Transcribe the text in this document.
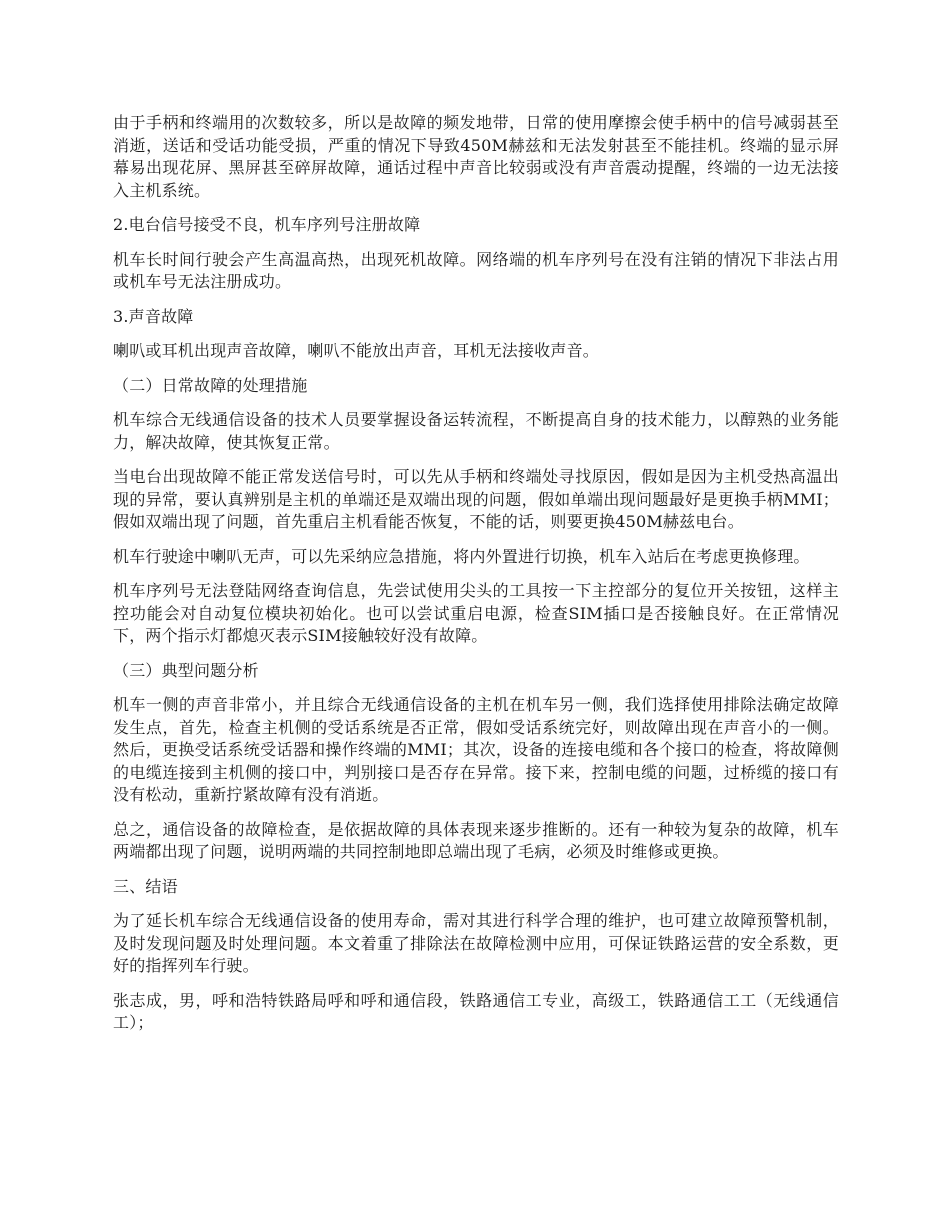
由于手柄和终端用的次数较多，所以是故障的频发地带，日常的使用摩擦会使手柄中的信号减弱甚至消逝，送话和受话功能受损，严重的情况下导致450M赫兹和无法发射甚至不能挂机。终端的显示屏幕易出现花屏、黑屏甚至碎屏故障，通话过程中声音比较弱或没有声音震动提醒，终端的一边无法接入主机系统。

2.电台信号接受不良，机车序列号注册故障

机车长时间行驶会产生高温高热，出现死机故障。网络端的机车序列号在没有注销的情况下非法占用或机车号无法注册成功。

3.声音故障

喇叭或耳机出现声音故障，喇叭不能放出声音，耳机无法接收声音。

（二）日常故障的处理措施

机车综合无线通信设备的技术人员要掌握设备运转流程，不断提高自身的技术能力，以醇熟的业务能力，解决故障，使其恢复正常。

当电台出现故障不能正常发送信号时，可以先从手柄和终端处寻找原因，假如是因为主机受热高温出现的异常，要认真辨别是主机的单端还是双端出现的问题，假如单端出现问题最好是更换手柄MMI；假如双端出现了问题，首先重启主机看能否恢复，不能的话，则要更换450M赫兹电台。

机车行驶途中喇叭无声，可以先采纳应急措施，将内外置进行切换，机车入站后在考虑更换修理。

机车序列号无法登陆网络查询信息，先尝试使用尖头的工具按一下主控部分的复位开关按钮，这样主控功能会对自动复位模块初始化。也可以尝试重启电源，检查SIM插口是否接触良好。在正常情况下，两个指示灯都熄灭表示SIM接触较好没有故障。

（三）典型问题分析

机车一侧的声音非常小，并且综合无线通信设备的主机在机车另一侧，我们选择使用排除法确定故障发生点，首先，检查主机侧的受话系统是否正常，假如受话系统完好，则故障出现在声音小的一侧。然后，更换受话系统受话器和操作终端的MMI；其次，设备的连接电缆和各个接口的检查，将故障侧的电缆连接到主机侧的接口中，判别接口是否存在异常。接下来，控制电缆的问题，过桥缆的接口有没有松动，重新拧紧故障有没有消逝。

总之，通信设备的故障检查，是依据故障的具体表现来逐步推断的。还有一种较为复杂的故障，机车两端都出现了问题，说明两端的共同控制地即总端出现了毛病，必须及时维修或更换。

三、结语

为了延长机车综合无线通信设备的使用寿命，需对其进行科学合理的维护，也可建立故障预警机制，及时发现问题及时处理问题。本文着重了排除法在故障检测中应用，可保证铁路运营的安全系数，更好的指挥列车行驶。

张志成，男，呼和浩特铁路局呼和呼和通信段，铁路通信工专业，高级工，铁路通信工工（无线通信工）；
